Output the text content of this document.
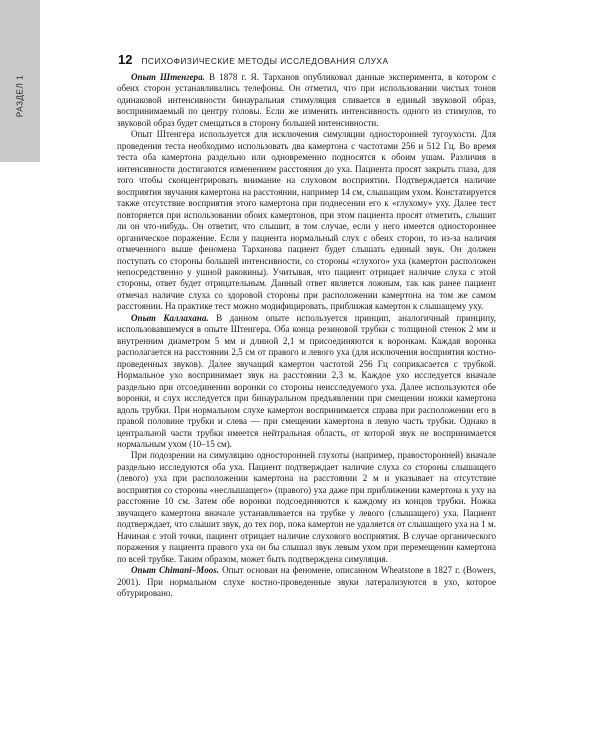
РАЗДЕЛ 1
12 ПСИХОФИЗИЧЕСКИЕ МЕТОДЫ ИССЛЕДОВАНИЯ СЛУХА

Опыт Штенгера. В 1878 г. Я. Тарханов опубликовал данные эксперимента, в котором с обеих сторон устанавливались телефоны. Он отметил, что при использовании чистых тонов одинаковой интенсивности бинауральная стимуляция сливается в единый звуковой образ, воспринимаемый по центру головы. Если же изменять интенсивность одного из стимулов, то звуковой образ будет смещаться в сторону большей интенсивности.

Опыт Штенгера используется для исключения симуляции односторонней тугоухости. Для проведения теста необходимо использовать два камертона с частотами 256 и 512 Гц. Во время теста оба камертона раздельно или одновременно подносятся к обоим ушам. Различия в интенсивности достигаются изменением расстояния до уха. Пациента просят закрыть глаза, для того чтобы сконцентрировать внимание на слуховом восприятии. Подтверждается наличие восприятия звучания камертона на расстоянии, например 14 см, слышащим ухом. Констатируется также отсутствие восприятия этого камертона при поднесении его к «глухому» уху. Далее тест повторяется при использовании обоих камертонов, при этом пациента просят отметить, слышит ли он что-нибудь. Он ответит, что слышит, в том случае, если у него имеется одностороннее органическое поражение. Если у пациента нормальный слух с обеих сторон, то из-за наличия отмеченного выше феномена Тарханова пациент будет слышать единый звук. Он должен поступать со стороны большей интенсивности, со стороны «глухого» уха (камертон расположен непосредственно у ушной раковины). Учитывая, что пациент отрицает наличие слуха с этой стороны, ответ будет отрицательным. Данный ответ является ложным, так как ранее пациент отмечал наличие слуха со здоровой стороны при расположении камертона на том же самом расстоянии. На практике тест можно модифицировать, приближая камертон к слышащему уху.

Опыт Каллахана. В данном опыте используется принцип, аналогичный принципу, использовавшемуся в опыте Штенгера. Оба конца резиновой трубки с толщиной стенок 2 мм и внутренним диаметром 5 мм и длиной 2,1 м присоединяются к воронкам. Каждая воронка располагается на расстоянии 2,5 см от правого и левого уха (для исключения восприятия костно-проведенных звуков). Далее звучащий камертон частотой 256 Гц соприкасается с трубкой. Нормальное ухо воспринимает звук на расстоянии 2,3 м. Каждое ухо исследуется вначале раздельно при отсоединении воронки со стороны неисследуемого уха. Далее используются обе воронки, и слух исследуется при бинауральном предъявлении при смещении ножки камертона вдоль трубки. При нормальном слухе камертон воспринимается справа при расположении его в правой половине трубки и слева — при смещении камертона в левую часть трубки. Однако в центральной части трубки имеется нейтральная область, от которой звук не воспринимается нормальным ухом (10–15 см).

При подозрении на симуляцию односторонней глухоты (например, правосторонней) вначале раздельно исследуются оба уха. Пациент подтверждает наличие слуха со стороны слышащего (левого) уха при расположении камертона на расстоянии 2 м и указывает на отсутствие восприятия со стороны «неслышащего» (правого) уха даже при приближении камертона к уху на расстояние 10 см. Затем обе воронки подсоединяются к каждому из концов трубки. Ножка звучащего камертона вначале устанавливается на трубке у левого (слышащего) уха. Пациент подтверждает, что слышит звук, до тех пор, пока камертон не удаляется от слышащего уха на 1 м. Начиная с этой точки, пациент отрицает наличие слухового восприятия. В случае органического поражения у пациента правого уха он бы слышал звук левым ухом при перемещении камертона по всей трубке. Таким образом, может быть подтверждена симуляция.

Опыт Chimani–Moos. Опыт основан на феномене, описанном Wheatstone в 1827 г. (Bowers, 2001). При нормальном слухе костно-проведенные звуки латерализуются в ухо, которое обтурировано.
